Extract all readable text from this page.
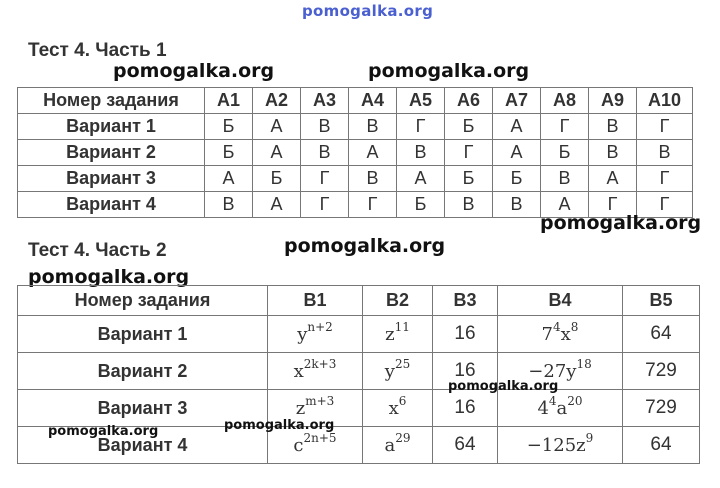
pomogalka.org
Тест 4. Часть 1
pomogalka.org	pomogalka.org
Номер задания	А1	А2	А3	А4	А5	А6	А7	А8	А9	А10
Вариант 1	Б	А	В	В	Г	Б	А	Г	В	Г
Вариант 2	Б	А	В	А	В	Г	А	Б	В	В
Вариант 3	А	Б	Г	В	А	Б	Б	В	А	Г
Вариант 4	В	А	Г	Г	Б	В	В	А	Г	Г
pomogalka.org
Тест 4. Часть 2	pomogalka.org
pomogalka.org
Номер задания	В1	В2	В3	В4	В5
Вариант 1	$y^{n+2}$	$z^{11}$	16	$7^4x^8$	64
Вариант 2	$x^{2k+3}$	$y^{25}$	16	$-27y^{18}$	729
Вариант 3	$z^{m+3}$	$x^6$	16	$4^4a^{20}$	729
Вариант 4	$c^{2n+5}$	$a^{29}$	64	$-125z^9$	64
pomogalka.org
pomogalka.org
pomogalka.org
